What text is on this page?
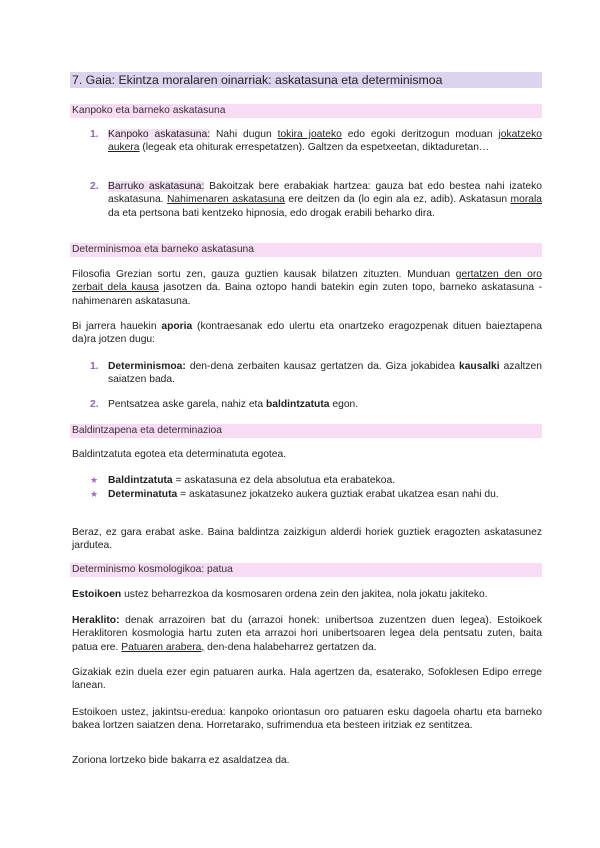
7. Gaia: Ekintza moralaren oinarriak: askatasuna eta determinismoa
Kanpoko eta barneko askatasuna
1. Kanpoko askatasuna: Nahi dugun tokira joateko edo egoki deritzogun moduan jokatzeko aukera (legeak eta ohiturak errespetatzen). Galtzen da espetxeetan, diktaduretan…

2. Barruko askatasuna: Bakoitzak bere erabakiak hartzea: gauza bat edo bestea nahi izateko askatasuna. Nahimenaren askatasuna ere deitzen da (lo egin ala ez, adib). Askatasun morala da eta pertsona bati kentzeko hipnosia, edo drogak erabili beharko dira.

Determinismoa eta barneko askatasuna

Filosofia Grezian sortu zen, gauza guztien kausak bilatzen zituzten. Munduan gertatzen den oro zerbait dela kausa jasotzen da. Baina oztopo handi batekin egin zuten topo, barneko askatasuna - nahimenaren askatasuna.

Bi jarrera hauekin aporia (kontraesanak edo ulertu eta onartzeko eragozpenak dituen baieztapena da)ra jotzen dugu:

1. Determinismoa: den-dena zerbaiten kausaz gertatzen da. Giza jokabidea kausalki azaltzen saiatzen bada.

2. Pentsatzea aske garela, nahiz eta baldintzatuta egon.

Baldintzapena eta determinazioa

Baldintzatuta egotea eta determinatuta egotea.

★ Baldintzatuta = askatasuna ez dela absolutua eta erabatekoa.

★ Determinatuta = askatasunez jokatzeko aukera guztiak erabat ukatzea esan nahi du.

Beraz, ez gara erabat aske. Baina baldintza zaizkigun alderdi horiek guztiek eragozten askatasunez jardutea.

Determinismo kosmologikoa: patua

Estoikoen ustez beharrezkoa da kosmosaren ordena zein den jakitea, nola jokatu jakiteko.

Heraklito: denak arrazoiren bat du (arrazoi honek: unibertsoa zuzentzen duen legea). Estoikoek Heraklitoren kosmologia hartu zuten eta arrazoi hori unibertsoaren legea dela pentsatu zuten, baita patua ere. Patuaren arabera, den-dena halabeharrez gertatzen da.

Gizakiak ezin duela ezer egin patuaren aurka. Hala agertzen da, esaterako, Sofoklesen Edipo errege lanean.

Estoikoen ustez, jakintsu-eredua: kanpoko oriontasun oro patuaren esku dagoela ohartu eta barneko bakea lortzen saiatzen dena. Horretarako, sufrimendua eta besteen iritziak ez sentitzea.

Zoriona lortzeko bide bakarra ez asaldatzea da.
